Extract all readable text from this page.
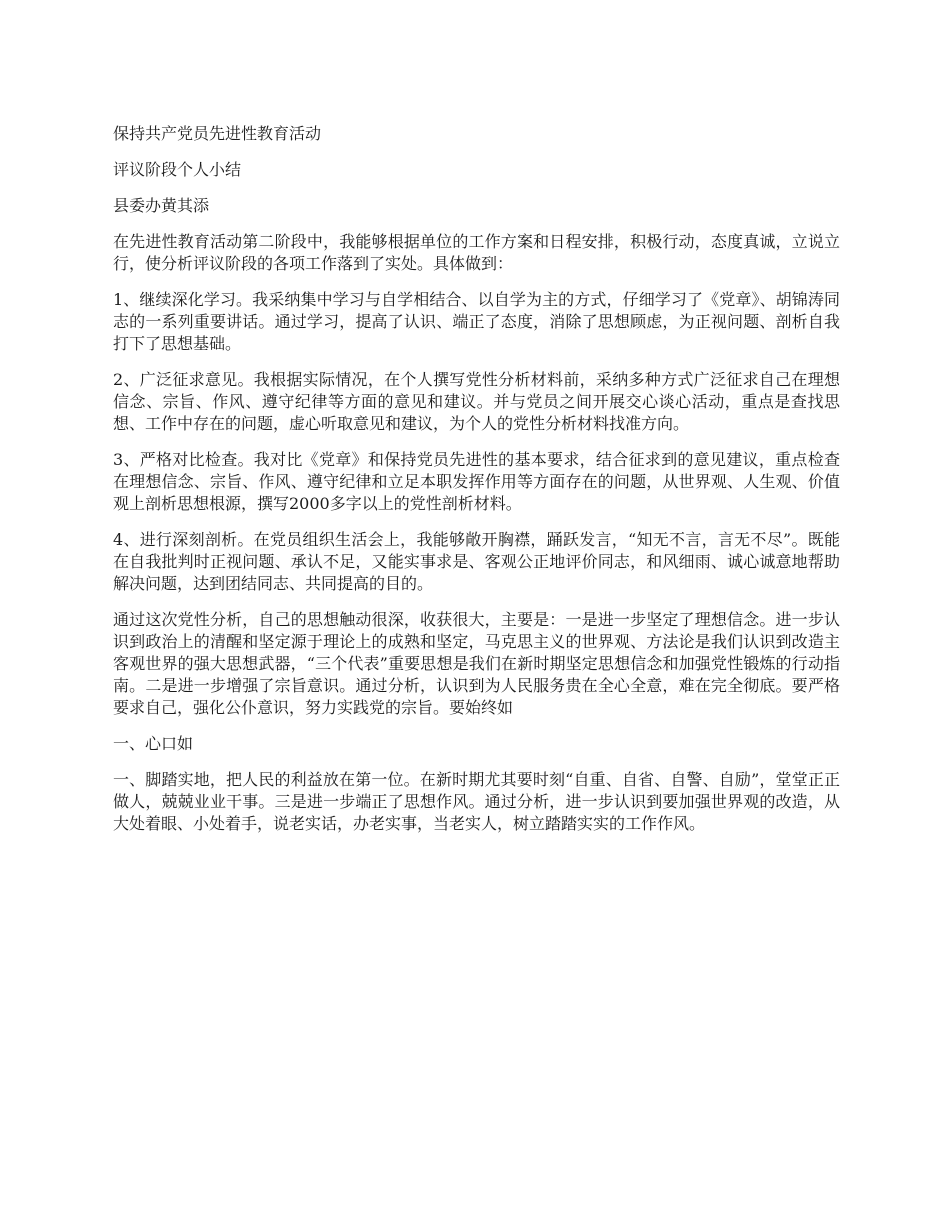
保持共产党员先进性教育活动
评议阶段个人小结
县委办黄其添

在先进性教育活动第二阶段中，我能够根据单位的工作方案和日程安排，积极行动，态度真诚，立说立行，使分析评议阶段的各项工作落到了实处。具体做到：

1、继续深化学习。我采纳集中学习与自学相结合、以自学为主的方式，仔细学习了《党章》、胡锦涛同志的一系列重要讲话。通过学习，提高了认识、端正了态度，消除了思想顾虑，为正视问题、剖析自我打下了思想基础。

2、广泛征求意见。我根据实际情况，在个人撰写党性分析材料前，采纳多种方式广泛征求自己在理想信念、宗旨、作风、遵守纪律等方面的意见和建议。并与党员之间开展交心谈心活动，重点是查找思想、工作中存在的问题，虚心听取意见和建议，为个人的党性分析材料找准方向。

3、严格对比检查。我对比《党章》和保持党员先进性的基本要求，结合征求到的意见建议，重点检查在理想信念、宗旨、作风、遵守纪律和立足本职发挥作用等方面存在的问题，从世界观、人生观、价值观上剖析思想根源，撰写2000多字以上的党性剖析材料。

4、进行深刻剖析。在党员组织生活会上，我能够敞开胸襟，踊跃发言，“知无不言，言无不尽”。既能在自我批判时正视问题、承认不足，又能实事求是、客观公正地评价同志，和风细雨、诚心诚意地帮助解决问题，达到团结同志、共同提高的目的。

通过这次党性分析，自己的思想触动很深，收获很大，主要是：一是进一步坚定了理想信念。进一步认识到政治上的清醒和坚定源于理论上的成熟和坚定，马克思主义的世界观、方法论是我们认识到改造主客观世界的强大思想武器，“三个代表”重要思想是我们在新时期坚定思想信念和加强党性锻炼的行动指南。二是进一步增强了宗旨意识。通过分析，认识到为人民服务贵在全心全意，难在完全彻底。要严格要求自己，强化公仆意识，努力实践党的宗旨。要始终如

一、心口如

一、脚踏实地，把人民的利益放在第一位。在新时期尤其要时刻“自重、自省、自警、自励”，堂堂正正做人，兢兢业业干事。三是进一步端正了思想作风。通过分析，进一步认识到要加强世界观的改造，从大处着眼、小处着手，说老实话，办老实事，当老实人，树立踏踏实实的工作作风。
